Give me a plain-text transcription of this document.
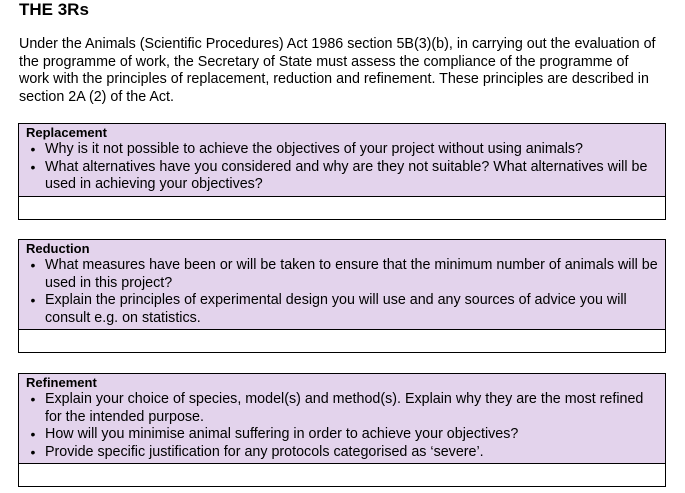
THE 3Rs
Under the Animals (Scientific Procedures) Act 1986 section 5B(3)(b), in carrying out the evaluation of the programme of work, the Secretary of State must assess the compliance of the programme of work with the principles of replacement, reduction and refinement. These principles are described in section 2A (2) of the Act.
Replacement
• Why is it not possible to achieve the objectives of your project without using animals?
• What alternatives have you considered and why are they not suitable? What alternatives will be used in achieving your objectives?
Reduction
• What measures have been or will be taken to ensure that the minimum number of animals will be used in this project?
• Explain the principles of experimental design you will use and any sources of advice you will consult e.g. on statistics.
Refinement
• Explain your choice of species, model(s) and method(s). Explain why they are the most refined for the intended purpose.
• How will you minimise animal suffering in order to achieve your objectives?
• Provide specific justification for any protocols categorised as ‘severe’.
